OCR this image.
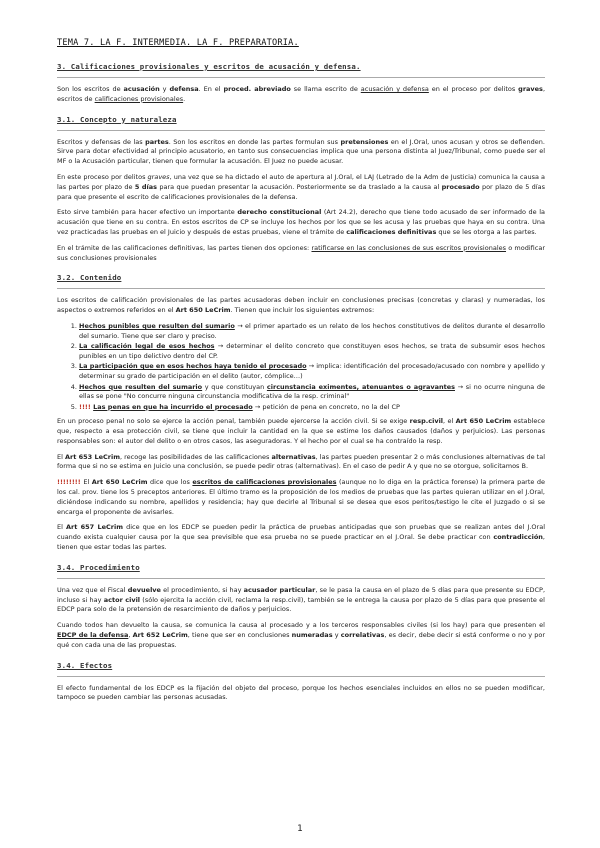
TEMA 7. LA F. INTERMEDIA. LA F. PREPARATORIA.
3. Calificaciones provisionales y escritos de acusación y defensa.

Son los escritos de acusación y defensa. En el proced. abreviado se llama escrito de acusación y defensa en el proceso por delitos graves, escritos de calificaciones provisionales.

3.1. Concepto y naturaleza

Escritos y defensas de las partes. Son los escritos en donde las partes formulan sus pretensiones en el J.Oral, unos acusan y otros se defienden. Sirve para dotar efectividad al principio acusatorio, en tanto sus consecuencias implica que una persona distinta al Juez/Tribunal, como puede ser el MF o la Acusación particular, tienen que formular la acusación. El Juez no puede acusar.

En este proceso por delitos graves, una vez que se ha dictado el auto de apertura al J.Oral, el LAJ (Letrado de la Adm de Justicia) comunica la causa a las partes por plazo de 5 días para que puedan presentar la acusación. Posteriormente se da traslado a la causa al procesado por plazo de 5 días para que presente el escrito de calificaciones provisionales de la defensa.

Esto sirve también para hacer efectivo un importante derecho constitucional (Art 24.2), derecho que tiene todo acusado de ser informado de la acusación que tiene en su contra. En estos escritos de CP se incluye los hechos por los que se les acusa y las pruebas que haya en su contra. Una vez practicadas las pruebas en el Juicio y después de estas pruebas, viene el trámite de calificaciones definitivas que se les otorga a las partes.

En el trámite de las calificaciones definitivas, las partes tienen dos opciones: ratificarse en las conclusiones de sus escritos provisionales o modificar sus conclusiones provisionales

3.2. Contenido

Los escritos de calificación provisionales de las partes acusadoras deben incluir en conclusiones precisas (concretas y claras) y numeradas, los aspectos o extremos referidos en el Art 650 LeCrim. Tienen que incluir los siguientes extremos:

1. Hechos punibles que resulten del sumario → el primer apartado es un relato de los hechos constitutivos de delitos durante el desarrollo del sumario. Tiene que ser claro y preciso.
2. La calificación legal de esos hechos → determinar el delito concreto que constituyen esos hechos, se trata de subsumir esos hechos punibles en un tipo delictivo dentro del CP.
3. La participación que en esos hechos haya tenido el procesado → implica: identificación del procesado/acusado con nombre y apellido y determinar su grado de participación en el delito (autor, cómplice…)
4. Hechos que resulten del sumario y que constituyan circunstancia eximentes, atenuantes o agravantes → si no ocurre ninguna de ellas se pone "No concurre ninguna circunstancia modificativa de la resp. criminal"
5. !!!! Las penas en que ha incurrido el procesado → petición de pena en concreto, no la del CP

En un proceso penal no solo se ejerce la acción penal, también puede ejercerse la acción civil. Si se exige resp.civil, el Art 650 LeCrim establece que, respecto a esa protección civil, se tiene que incluir la cantidad en la que se estime los daños causados (daños y perjuicios). Las personas responsables son: el autor del delito o en otros casos, las aseguradoras. Y el hecho por el cual se ha contraído la resp.

El Art 653 LeCrim, recoge las posibilidades de las calificaciones alternativas, las partes pueden presentar 2 o más conclusiones alternativas de tal forma que si no se estima en Juicio una conclusión, se puede pedir otras (alternativas). En el caso de pedir A y que no se otorgue, solicitamos B.

!!!!!!!! El Art 650 LeCrim dice que los escritos de calificaciones provisionales (aunque no lo diga en la práctica forense) la primera parte de los cal. prov. tiene los 5 preceptos anteriores. El último tramo es la proposición de los medios de pruebas que las partes quieran utilizar en el J.Oral, diciéndose indicando su nombre, apellidos y residencia; hay que decirle al Tribunal si se desea que esos peritos/testigo le cite el Juzgado o si se encarga el proponente de avisarles.

El Art 657 LeCrim dice que en los EDCP se pueden pedir la práctica de pruebas anticipadas que son pruebas que se realizan antes del J.Oral cuando exista cualquier causa por la que sea previsible que esa prueba no se puede practicar en el J.Oral. Se debe practicar con contradicción, tienen que estar todas las partes.

3.4. Procedimiento

Una vez que el Fiscal devuelve el procedimiento, si hay acusador particular, se le pasa la causa en el plazo de 5 días para que presente su EDCP, incluso si hay actor civil (sólo ejercita la acción civil, reclama la resp.civil), también se le entrega la causa por plazo de 5 días para que presente el EDCP para solo de la pretensión de resarcimiento de daños y perjuicios.

Cuando todos han devuelto la causa, se comunica la causa al procesado y a los terceros responsables civiles (si los hay) para que presenten el EDCP de la defensa, Art 652 LeCrim, tiene que ser en conclusiones numeradas y correlativas, es decir, debe decir si está conforme o no y por qué con cada una de las propuestas.

3.4. Efectos

El efecto fundamental de los EDCP es la fijación del objeto del proceso, porque los hechos esenciales incluidos en ellos no se pueden modificar, tampoco se pueden cambiar las personas acusadas.

1
